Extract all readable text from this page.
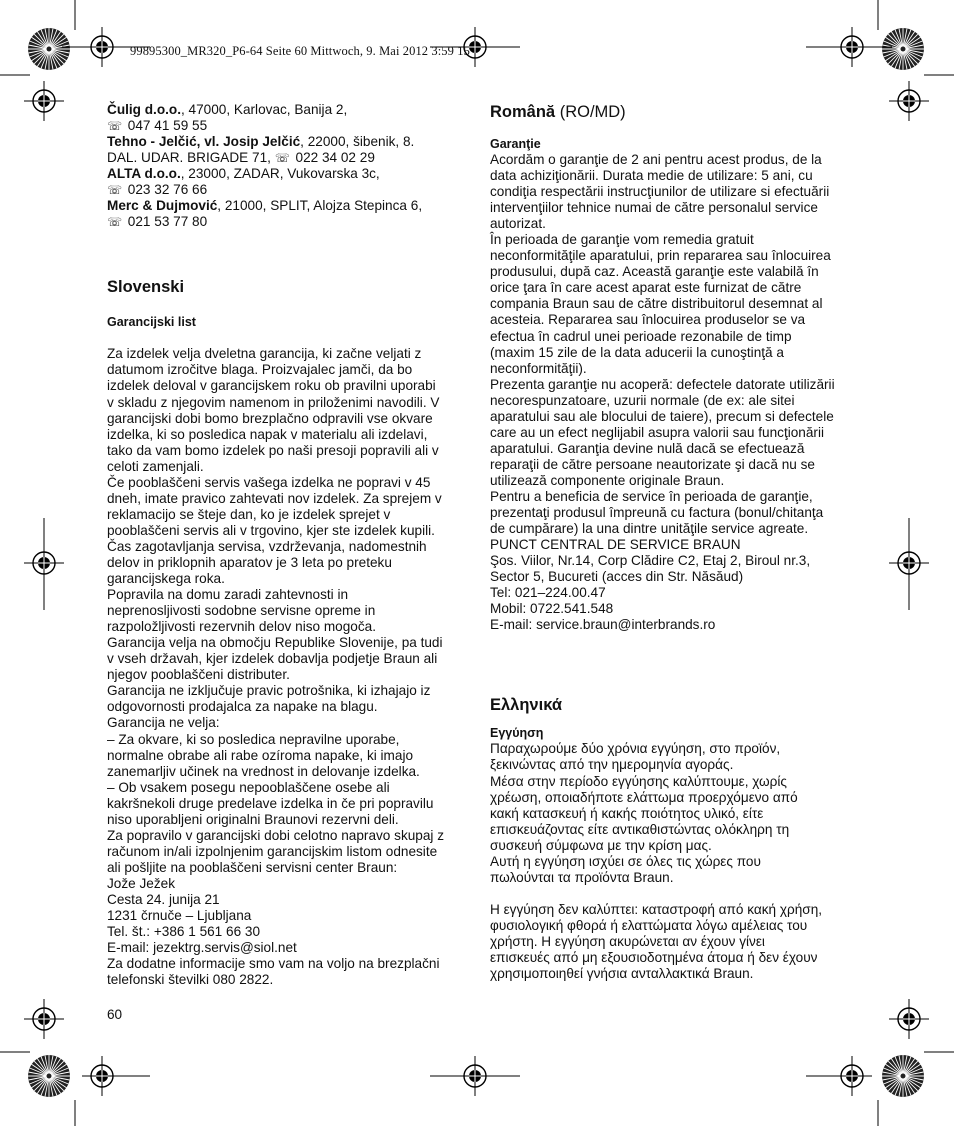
99895300_MR320_P6-64 Seite 60 Mittwoch, 9. Mai 2012 3:59 15

Čulig d.o.o., 47000, Karlovac, Banija 2,

☏ 047 41 59 55

Tehno - Jelčić, vl. Josip Jelčić, 22000, šibenik, 8.

DAL. UDAR. BRIGADE 71, ☏ 022 34 02 29

ALTA d.o.o., 23000, ZADAR, Vukovarska 3c,

☏ 023 32 76 66

Merc & Dujmović, 21000, SPLIT, Alojza Stepinca 6,

☏ 021 53 77 80

Slovenski

Garancijski list

Za izdelek velja dveletna garancija, ki začne veljati z

datumom izročitve blaga. Proizvajalec jamči, da bo

izdelek deloval v garancijskem roku ob pravilni uporabi

v skladu z njegovim namenom in priloženimi navodili. V

garancijski dobi bomo brezplačno odpravili vse okvare

izdelka, ki so posledica napak v materialu ali izdelavi,

tako da vam bomo izdelek po naši presoji popravili ali v

celoti zamenjali.

Če pooblaščeni servis vašega izdelka ne popravi v 45

dneh, imate pravico zahtevati nov izdelek. Za sprejem v

reklamacijo se šteje dan, ko je izdelek sprejet v

pooblaščeni servis ali v trgovino, kjer ste izdelek kupili.

Čas zagotavljanja servisa, vzdrževanja, nadomestnih

delov in priklopnih aparatov je 3 leta po preteku

garancijskega roka.

Popravila na domu zaradi zahtevnosti in

neprenosljivosti sodobne servisne opreme in

razpoložljivosti rezervnih delov niso mogoča.

Garancija velja na območju Republike Slovenije, pa tudi

v vseh državah, kjer izdelek dobavlja podjetje Braun ali

njegov pooblaščeni distributer.

Garancija ne izključuje pravic potrošnika, ki izhajajo iz

odgovornosti prodajalca za napake na blagu.

Garancija ne velja:

– Za okvare, ki so posledica nepravilne uporabe,

normalne obrabe ali rabe ozíroma napake, ki imajo

zanemarljiv učinek na vrednost in delovanje izdelka.

– Ob vsakem posegu nepooblaščene osebe ali

kakršnekoli druge predelave izdelka in če pri popravilu

niso uporabljeni originalni Braunovi rezervni deli.

Za popravilo v garancijski dobi celotno napravo skupaj z

računom in/ali izpolnjenim garancijskim listom odnesite

ali pošljite na pooblaščeni servisni center Braun:

Jože Ježek

Cesta 24. junija 21

1231 črnuče – Ljubljana

Tel. št.: +386 1 561 66 30

E-mail: jezektrg.servis@siol.net

Za dodatne informacije smo vam na voljo na brezplačni

telefonski številki 080 2822.

60

Română (RO/MD)

Garanţie

Acordăm o garanţie de 2 ani pentru acest produs, de la

data achiziţionării. Durata medie de utilizare: 5 ani, cu

condiţia respectării instrucţiunilor de utilizare si efectuării

intervenţiilor tehnice numai de către personalul service

autorizat.

În perioada de garanţie vom remedia gratuit

neconformităţile aparatului, prin repararea sau înlocuirea

produsului, după caz. Această garanţie este valabilă în

orice ţara în care acest aparat este furnizat de către

compania Braun sau de către distribuitorul desemnat al

acesteia. Repararea sau înlocuirea produselor se va

efectua în cadrul unei perioade rezonabile de timp

(maxim 15 zile de la data aducerii la cunoştinţă a

neconformităţii).

Prezenta garanţie nu acoperă: defectele datorate utilizării

necorespunzatoare, uzurii normale (de ex: ale sitei

aparatului sau ale blocului de taiere), precum si defectele

care au un efect neglijabil asupra valorii sau funcţionării

aparatului. Garanţia devine nulă dacă se efectuează

reparaţii de către persoane neautorizate şi dacă nu se

utilizează componente originale Braun.

Pentru a beneficia de service în perioada de garanţie,

prezentaţi produsul împreună cu factura (bonul/chitanţa

de cumpărare) la una dintre unităţile service agreate.

PUNCT CENTRAL DE SERVICE BRAUN

Şos. Viilor, Nr.14, Corp Clădire C2, Etaj 2, Biroul nr.3,

Sector 5, Bucureti (acces din Str. Năsăud)

Tel: 021–224.00.47

Mobil: 0722.541.548

E-mail: service.braun@interbrands.ro

Ελληνικά

Εγγύηση

Παραχωρούμε δύο χρόνια εγγύηση, στο προϊόν,

ξεκινώντας από την ημερομηνία αγοράς.

Μέσα στην περίοδο εγγύησης καλύπτουμε, χωρίς

χρέωση, οποιαδήποτε ελάττωμα προερχόμενο από

κακή κατασκευή ή κακής ποιότητος υλικό, είτε

επισκευάζοντας είτε αντικαθιστώντας ολόκληρη τη

συσκευή σύμφωνα με την κρίση μας.

Αυτή η εγγύηση ισχύει σε όλες τις χώρες που

πωλούνται τα προϊόντα Braun.

Η εγγύηση δεν καλύπτει: καταστροφή από κακή χρήση,

φυσιολογική φθορά ή ελαττώματα λόγω αμέλειας του

χρήστη. Η εγγύηση ακυρώνεται αν έχουν γίνει

επισκευές από μη εξουσιοδοτημένα άτομα ή δεν έχουν

χρησιμοποιηθεί γνήσια ανταλλακτικά Braun.
